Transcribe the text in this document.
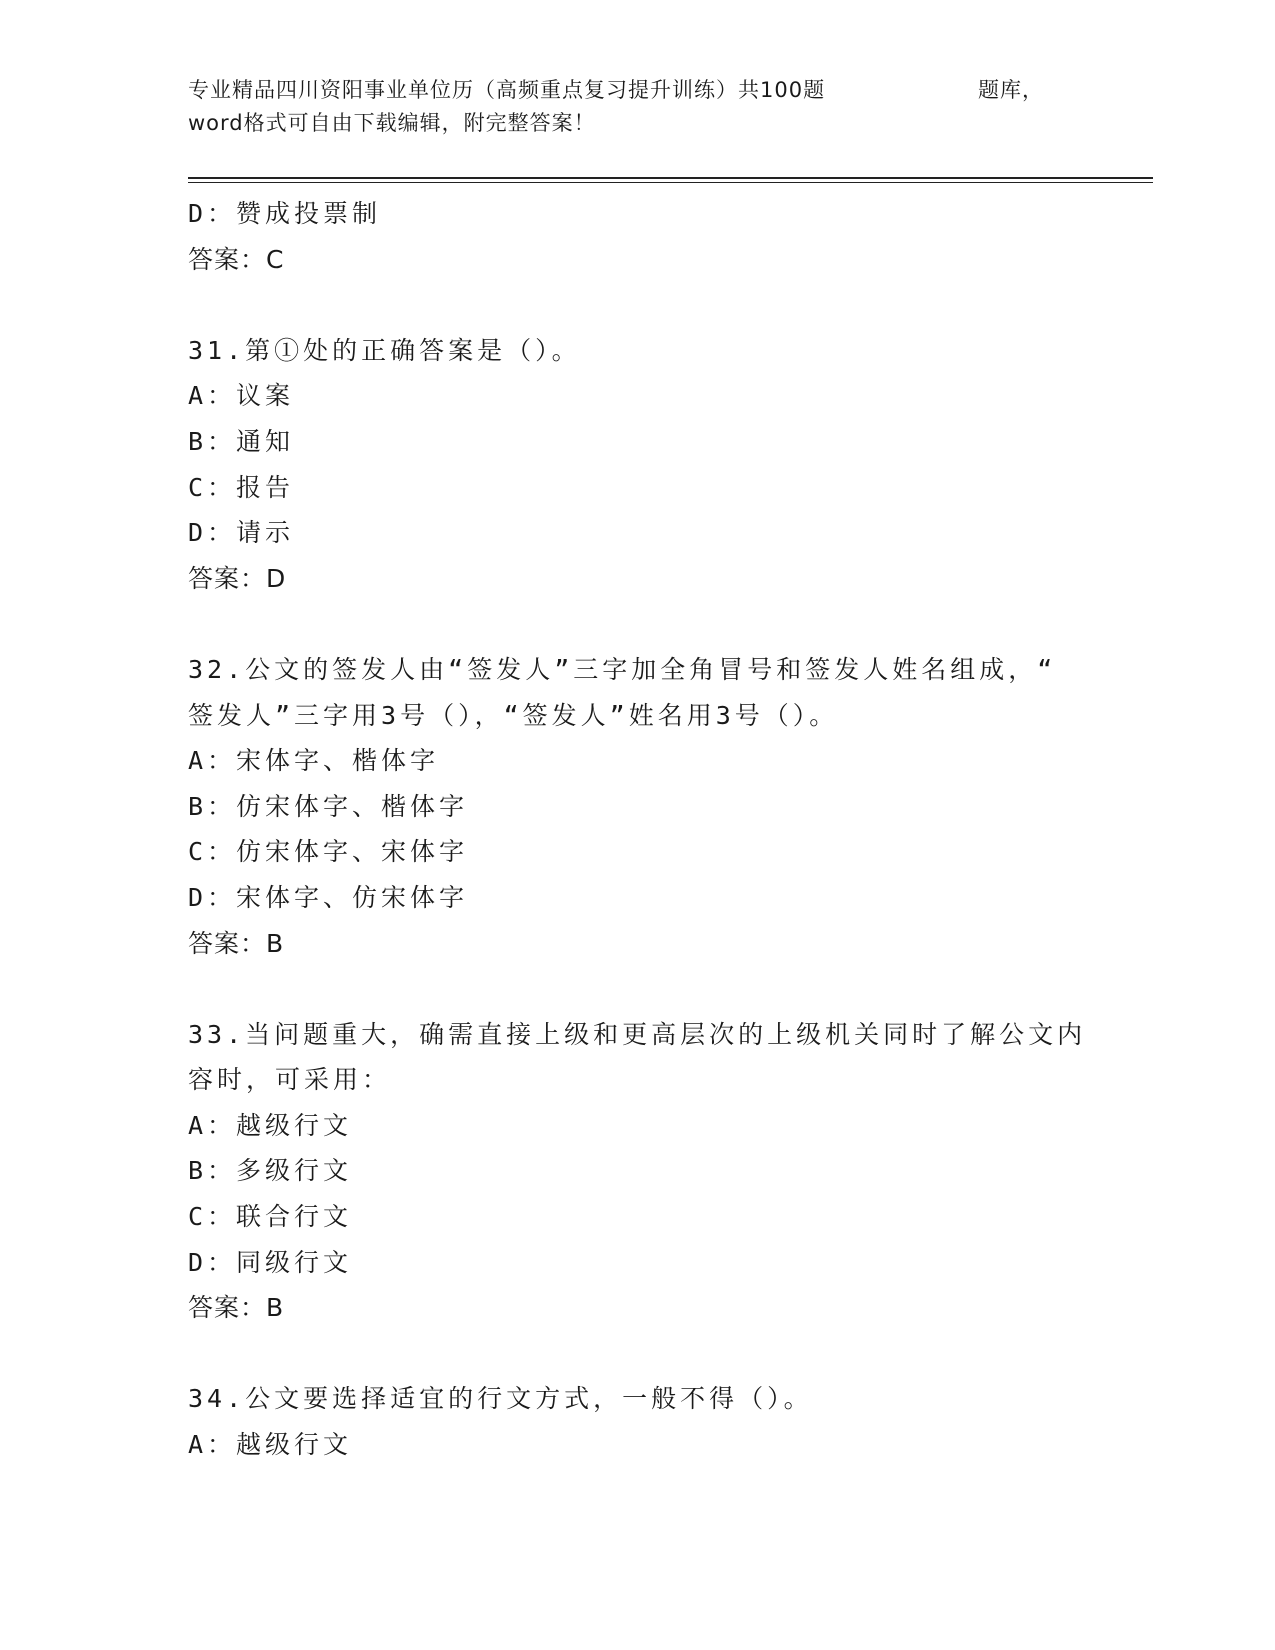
专业精品四川资阳事业单位历（高频重点复习提升训练）共100题	题库，
word格式可自由下载编辑，附完整答案！
D：赞成投票制
答案：C
31.第①处的正确答案是（）。
A：议案
B：通知
C：报告
D：请示
答案：D
32.公文的签发人由“签发人”三字加全角冒号和签发人姓名组成，“
签发人”三字用3号（），“签发人”姓名用3号（）。
A：宋体字、楷体字
B：仿宋体字、楷体字
C：仿宋体字、宋体字
D：宋体字、仿宋体字
答案：B
33.当问题重大，确需直接上级和更高层次的上级机关同时了解公文内
容时，可采用：
A：越级行文
B：多级行文
C：联合行文
D：同级行文
答案：B
34.公文要选择适宜的行文方式，一般不得（）。
A：越级行文
